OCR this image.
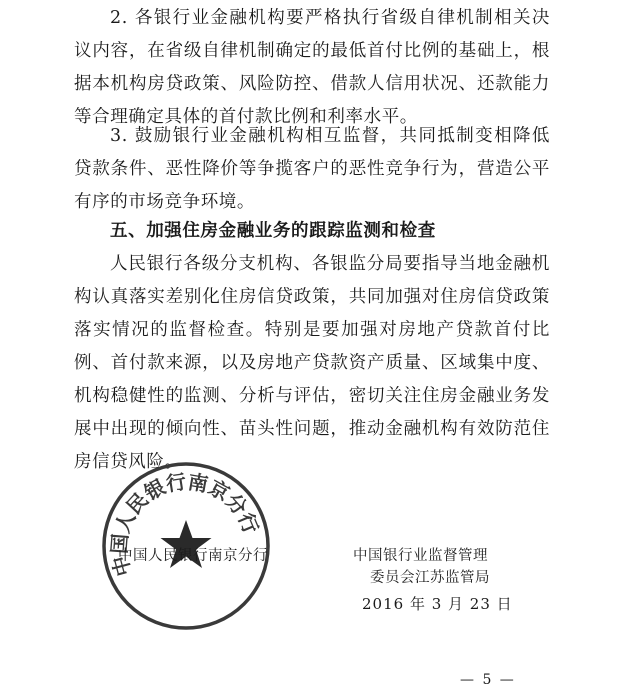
2. 各银行业金融机构要严格执行省级自律机制相关决议内容，在省级自律机制确定的最低首付比例的基础上，根据本机构房贷政策、风险防控、借款人信用状况、还款能力等合理确定具体的首付款比例和利率水平。

3. 鼓励银行业金融机构相互监督，共同抵制变相降低贷款条件、恶性降价等争揽客户的恶性竞争行为，营造公平有序的市场竞争环境。

五、加强住房金融业务的跟踪监测和检查

人民银行各级分支机构、各银监分局要指导当地金融机构认真落实差别化住房信贷政策，共同加强对住房信贷政策落实情况的监督检查。特别是要加强对房地产贷款首付比例、首付款来源，以及房地产贷款资产质量、区域集中度、机构稳健性的监测、分析与评估，密切关注住房金融业务发展中出现的倾向性、苗头性问题，推动金融机构有效防范住房信贷风险。

中国人民银行南京分行
中国人民银行南京分行	中国银行业监督管理
委员会江苏监管局
2016 年 3 月 23 日
— 5 —
